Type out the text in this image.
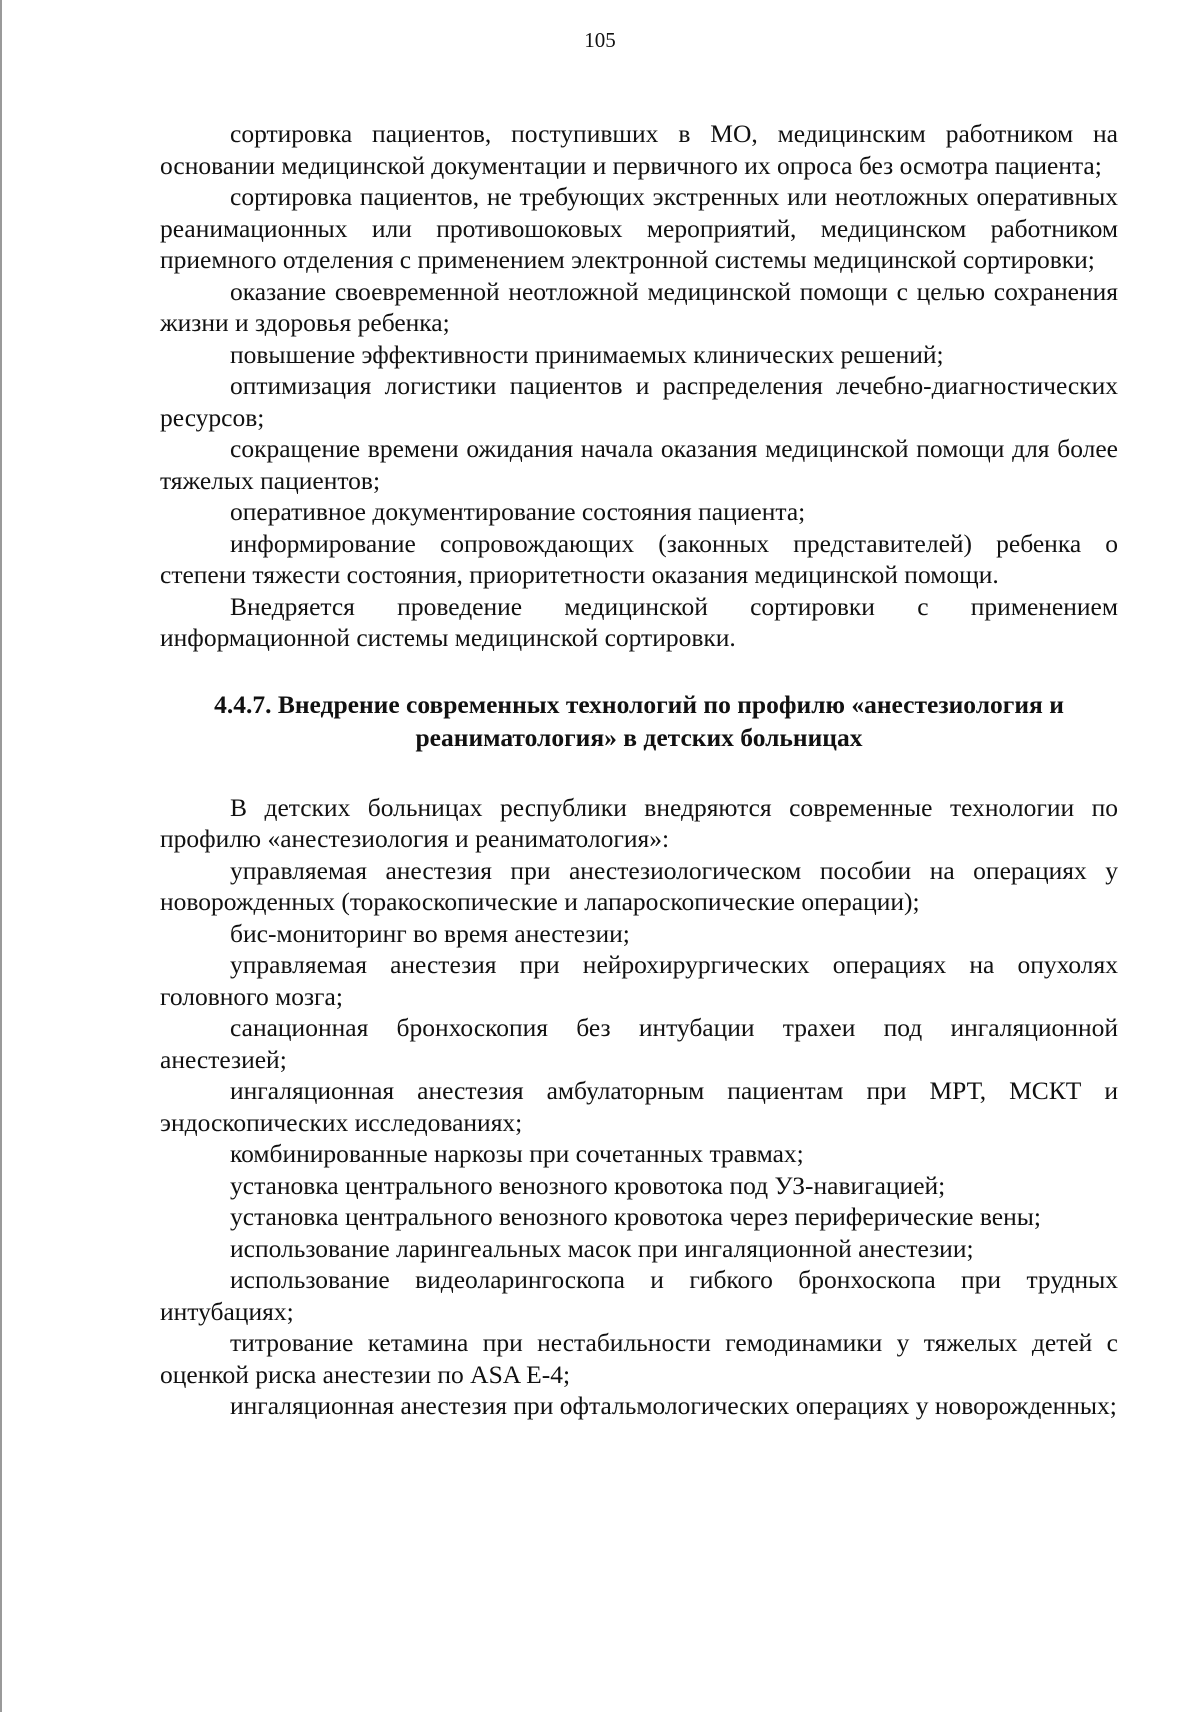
105

сортировка пациентов, поступивших в МО, медицинским работником на основании медицинской документации и первичного их опроса без осмотра пациента;

сортировка пациентов, не требующих экстренных или неотложных оперативных реанимационных или противошоковых мероприятий, медицинском работником приемного отделения с применением электронной системы медицинской сортировки;

оказание своевременной неотложной медицинской помощи с целью сохранения жизни и здоровья ребенка;

повышение эффективности принимаемых клинических решений;

оптимизация логистики пациентов и распределения лечебно-диагностических ресурсов;

сокращение времени ожидания начала оказания медицинской помощи для более тяжелых пациентов;

оперативное документирование состояния пациента;

информирование сопровождающих (законных представителей) ребенка о степени тяжести состояния, приоритетности оказания медицинской помощи.

Внедряется проведение медицинской сортировки с применением информационной системы медицинской сортировки.

4.4.7. Внедрение современных технологий по профилю «анестезиология и
реаниматология» в детских больницах

В детских больницах республики внедряются современные технологии по профилю «анестезиология и реаниматология»:

управляемая анестезия при анестезиологическом пособии на операциях у новорожденных (торакоскопические и лапароскопические операции);

бис-мониторинг во время анестезии;

управляемая анестезия при нейрохирургических операциях на опухолях головного мозга;

санационная бронхоскопия без интубации трахеи под ингаляционной анестезией;

ингаляционная анестезия амбулаторным пациентам при МРТ, МСКТ и эндоскопических исследованиях;

комбинированные наркозы при сочетанных травмах;

установка центрального венозного кровотока под УЗ-навигацией;

установка центрального венозного кровотока через периферические вены;

использование ларингеальных масок при ингаляционной анестезии;

использование видеоларингоскопа и гибкого бронхоскопа при трудных интубациях;

титрование кетамина при нестабильности гемодинамики у тяжелых детей с оценкой риска анестезии по ASA E-4;

ингаляционная анестезия при офтальмологических операциях у новорожденных;
